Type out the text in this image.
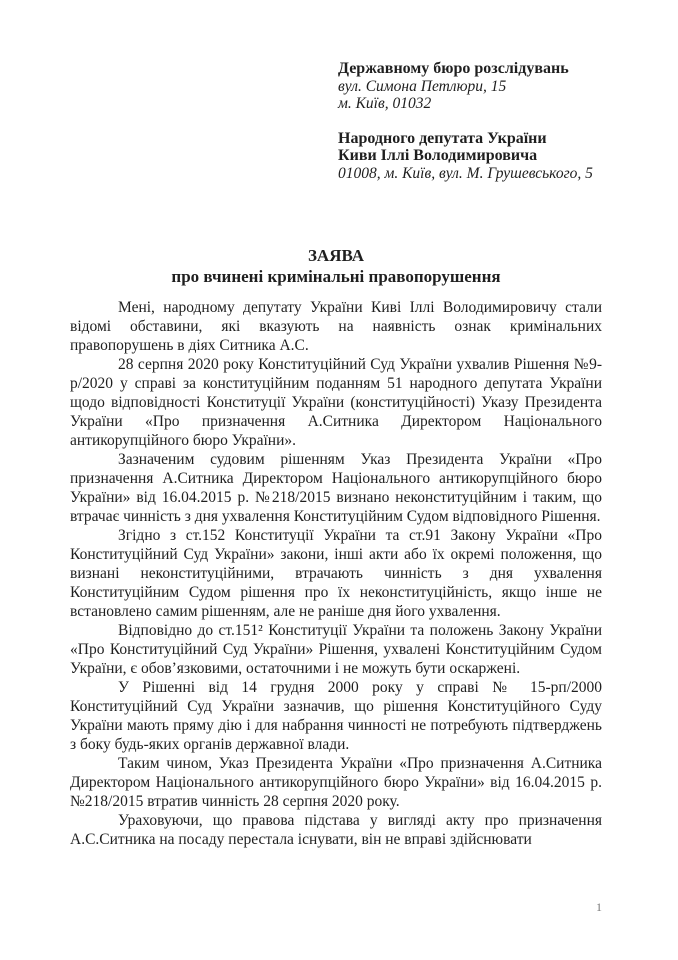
Державному бюро розслідувань
вул. Симона Петлюри, 15
м. Київ, 01032
Народного депутата України
Киви Іллі Володимировича
01008, м. Київ, вул. М. Грушевського, 5
ЗАЯВА
про вчинені кримінальні правопорушення

Мені, народному депутату України Киві Іллі Володимировичу стали відомі обставини, які вказують на наявність ознак кримінальних правопорушень в діях Ситника А.С.

28 серпня 2020 року Конституційний Суд України ухвалив Рішення №9-р/2020 у справі за конституційним поданням 51 народного депутата України щодо відповідності Конституції України (конституційності) Указу Президента України «Про призначення А.Ситника Директором Національного антикорупційного бюро України».

Зазначеним судовим рішенням Указ Президента України «Про призначення А.Ситника Директором Національного антикорупційного бюро України» від 16.04.2015 р. №218/2015 визнано неконституційним і таким, що втрачає чинність з дня ухвалення Конституційним Судом відповідного Рішення.

Згідно з ст.152 Конституції України та ст.91 Закону України «Про Конституційний Суд України» закони, інші акти або їх окремі положення, що визнані неконституційними, втрачають чинність з дня ухвалення Конституційним Судом рішення про їх неконституційність, якщо інше не встановлено самим рішенням, але не раніше дня його ухвалення.

Відповідно до ст.151² Конституції України та положень Закону України «Про Конституційний Суд України» Рішення, ухвалені Конституційним Судом України, є обов’язковими, остаточними і не можуть бути оскаржені.

У Рішенні від 14 грудня 2000 року у справі № 15-рп/2000 Конституційний Суд України зазначив, що рішення Конституційного Суду України мають пряму дію і для набрання чинності не потребують підтверджень з боку будь-яких органів державної влади.

Таким чином, Указ Президента України «Про призначення А.Ситника Директором Національного антикорупційного бюро України» від 16.04.2015 р. №218/2015 втратив чинність 28 серпня 2020 року.

Ураховуючи, що правова підстава у вигляді акту про призначення А.С.Ситника на посаду перестала існувати, він не вправі здійснювати

1
